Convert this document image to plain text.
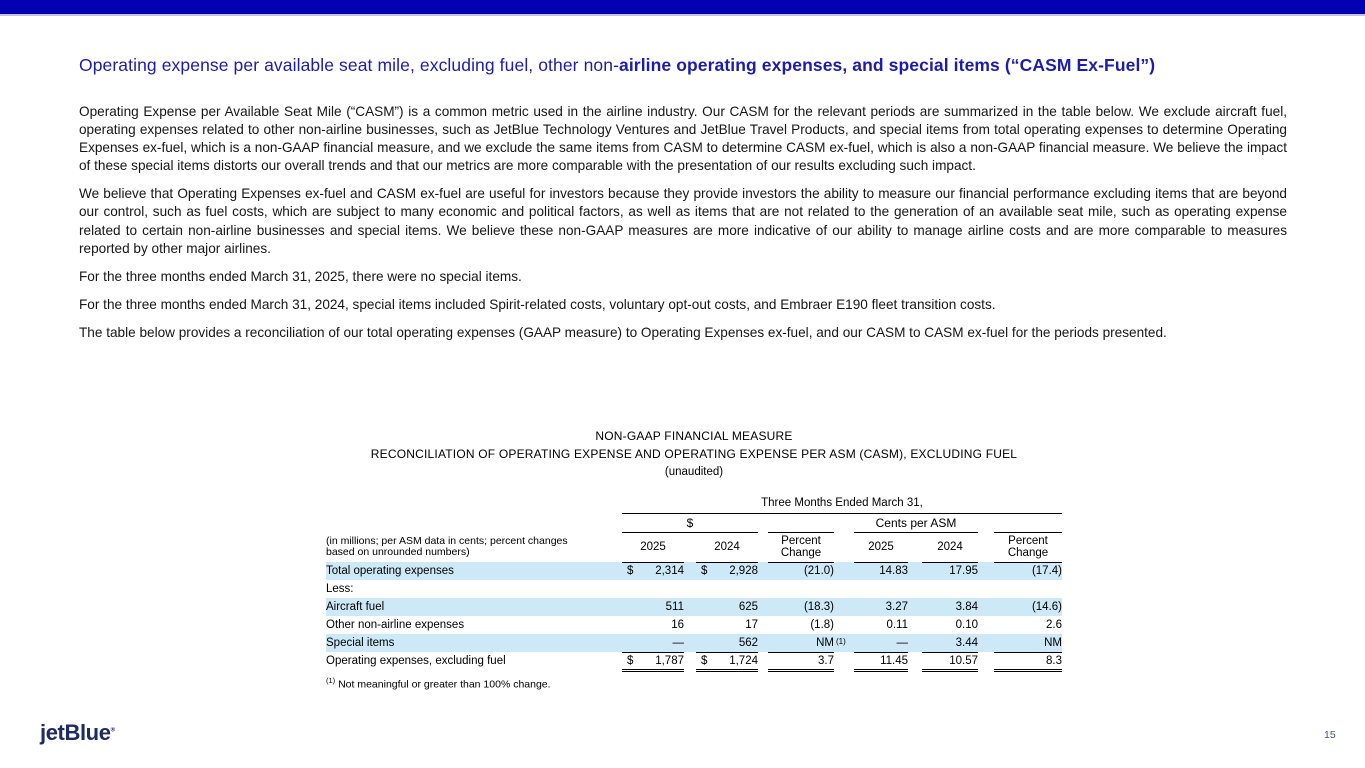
Operating expense per available seat mile, excluding fuel, other non-airline operating expenses, and special items (“CASM Ex-Fuel”)

Operating Expense per Available Seat Mile (“CASM”) is a common metric used in the airline industry. Our CASM for the relevant periods are summarized in the table below. We exclude aircraft fuel, operating expenses related to other non-airline businesses, such as JetBlue Technology Ventures and JetBlue Travel Products, and special items from total operating expenses to determine Operating Expenses ex-fuel, which is a non-GAAP financial measure, and we exclude the same items from CASM to determine CASM ex-fuel, which is also a non-GAAP financial measure. We believe the impact of these special items distorts our overall trends and that our metrics are more comparable with the presentation of our results excluding such impact.

We believe that Operating Expenses ex-fuel and CASM ex-fuel are useful for investors because they provide investors the ability to measure our financial performance excluding items that are beyond our control, such as fuel costs, which are subject to many economic and political factors, as well as items that are not related to the generation of an available seat mile, such as operating expense related to certain non-airline businesses and special items. We believe these non-GAAP measures are more indicative of our ability to manage airline costs and are more comparable to measures reported by other major airlines.

For the three months ended March 31, 2025, there were no special items.

For the three months ended March 31, 2024, special items included Spirit-related costs, voluntary opt-out costs, and Embraer E190 fleet transition costs.

The table below provides a reconciliation of our total operating expenses (GAAP measure) to Operating Expenses ex-fuel, and our CASM to CASM ex-fuel for the periods presented.

NON-GAAP FINANCIAL MEASURE
RECONCILIATION OF OPERATING EXPENSE AND OPERATING EXPENSE PER ASM (CASM), EXCLUDING FUEL
(unaudited)
	Three Months Ended March 31,										
	$						Cents per ASM				
(in millions; per ASM data in cents; percent changes
based on unrounded numbers)	2025		2024		Percent
Change		2025		2024		Percent
Change
Total operating expenses	$ 2,314		$ 2,928		(21.0)		14.83		17.95		(17.4)
Less:											
Aircraft fuel	511		625		(18.3)		3.27		3.84		(14.6)
Other non-airline expenses	16		17		(1.8)		0.11		0.10		2.6
Special items	—		562		NM (1)		—		3.44		NM
Operating expenses, excluding fuel	$ 1,787		$ 1,724		3.7		11.45		10.57		8.3
$^{(1)}$ Not meaningful or greater than 100% change.
jetBlue®	15
